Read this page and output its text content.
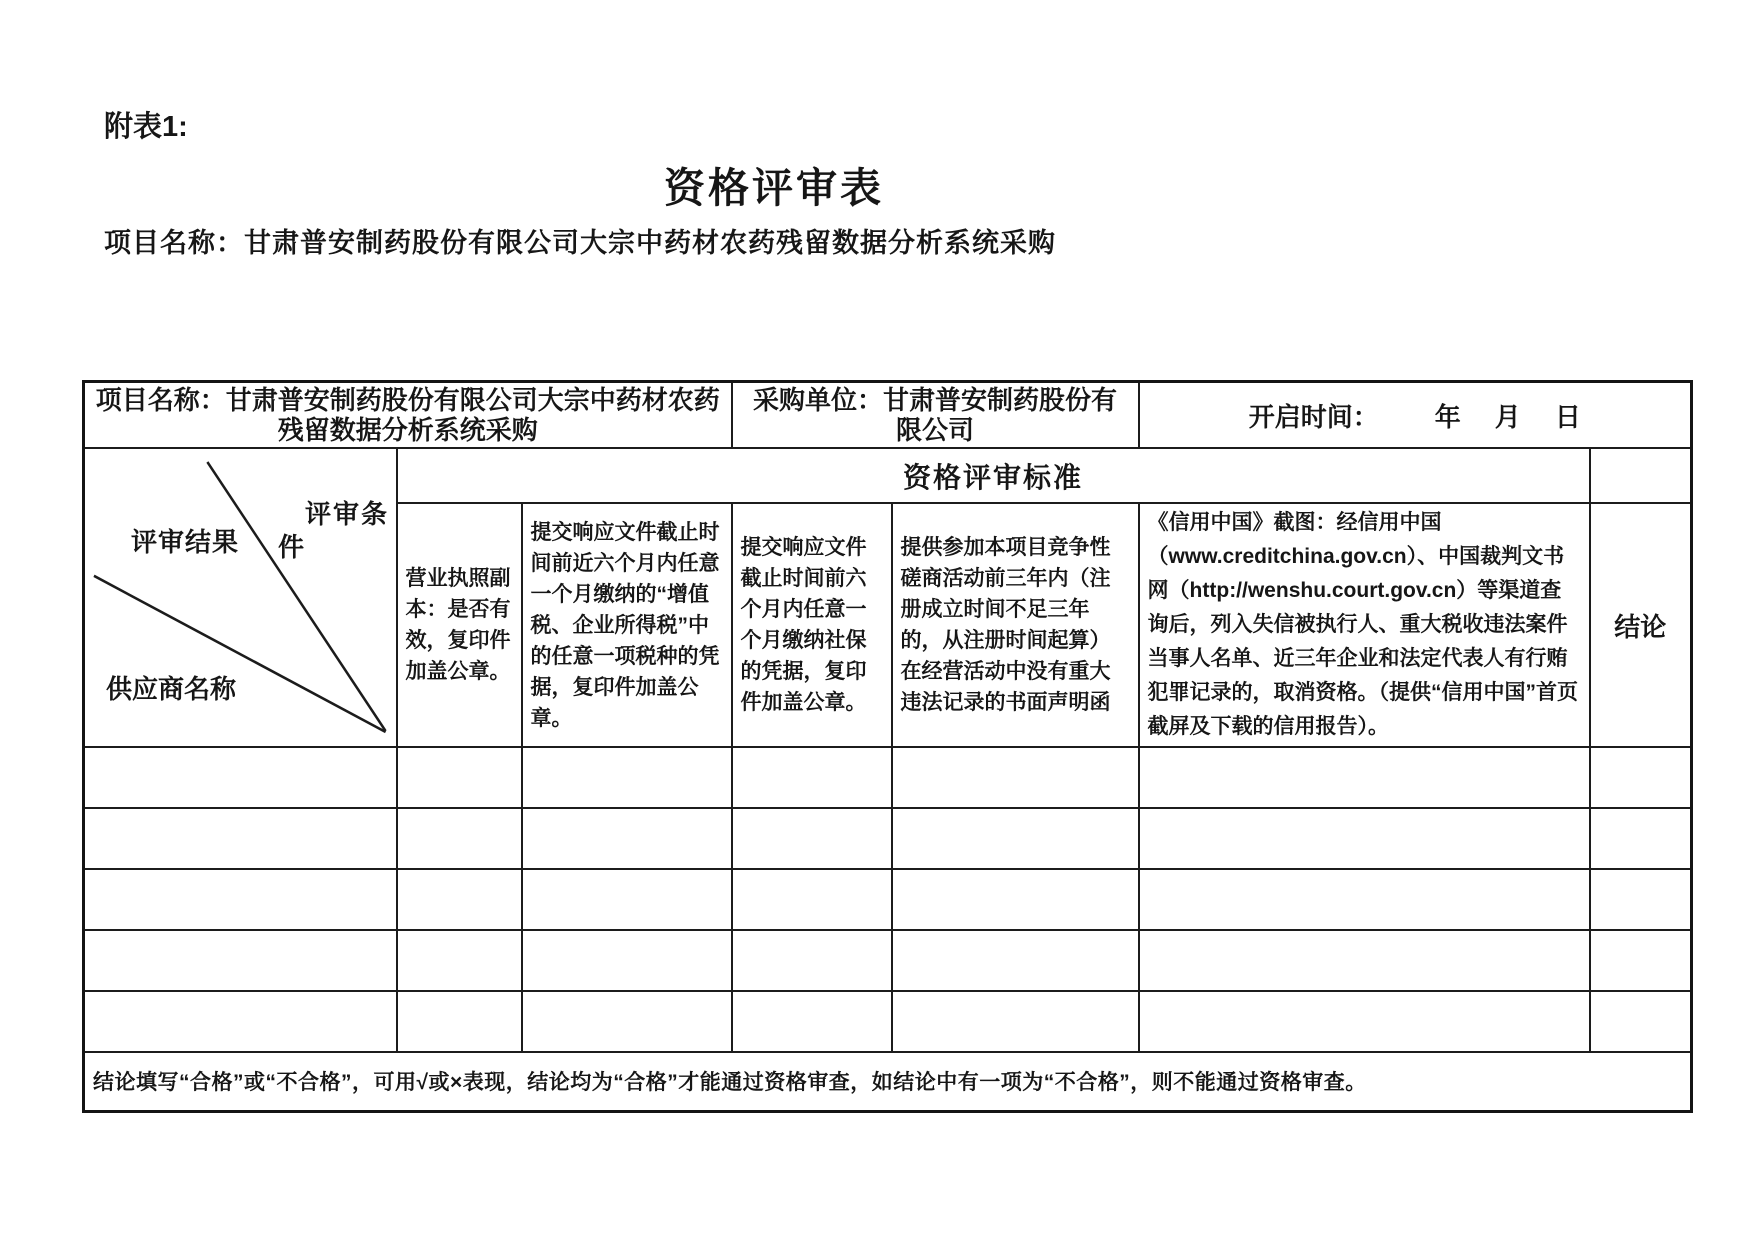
附表1:
资格评审表
项目名称：甘肃普安制药股份有限公司大宗中药材农药残留数据分析系统采购
项目名称：甘肃普安制药股份有限公司大宗中药材农药残留数据分析系统采购			采购单位：甘肃普安制药股份有限公司		开启时间： 年 月 日	

评审条
件
评审结果
供应商名称	资格评审标准					
	营业执照副本：是否有效，复印件加盖公章。	提交响应文件截止时间前近六个月内任意一个月缴纳的“增值税、企业所得税”中的任意一项税种的凭据，复印件加盖公章。	提交响应文件截止时间前六个月内任意一个月缴纳社保的凭据，复印件加盖公章。	提供参加本项目竞争性磋商活动前三年内（注册成立时间不足三年的，从注册时间起算）在经营活动中没有重大违法记录的书面声明函	《信用中国》截图：经信用中国（www.creditchina.gov.cn）、中国裁判文书网（http://wenshu.court.gov.cn）等渠道查询后，列入失信被执行人、重大税收违法案件当事人名单、近三年企业和法定代表人有行贿犯罪记录的，取消资格。（提供“信用中国”首页截屏及下载的信用报告）。	结论

结论填写“合格”或“不合格”，可用√或×表现，结论均为“合格”才能通过资格审查，如结论中有一项为“不合格”，则不能通过资格审查。						
